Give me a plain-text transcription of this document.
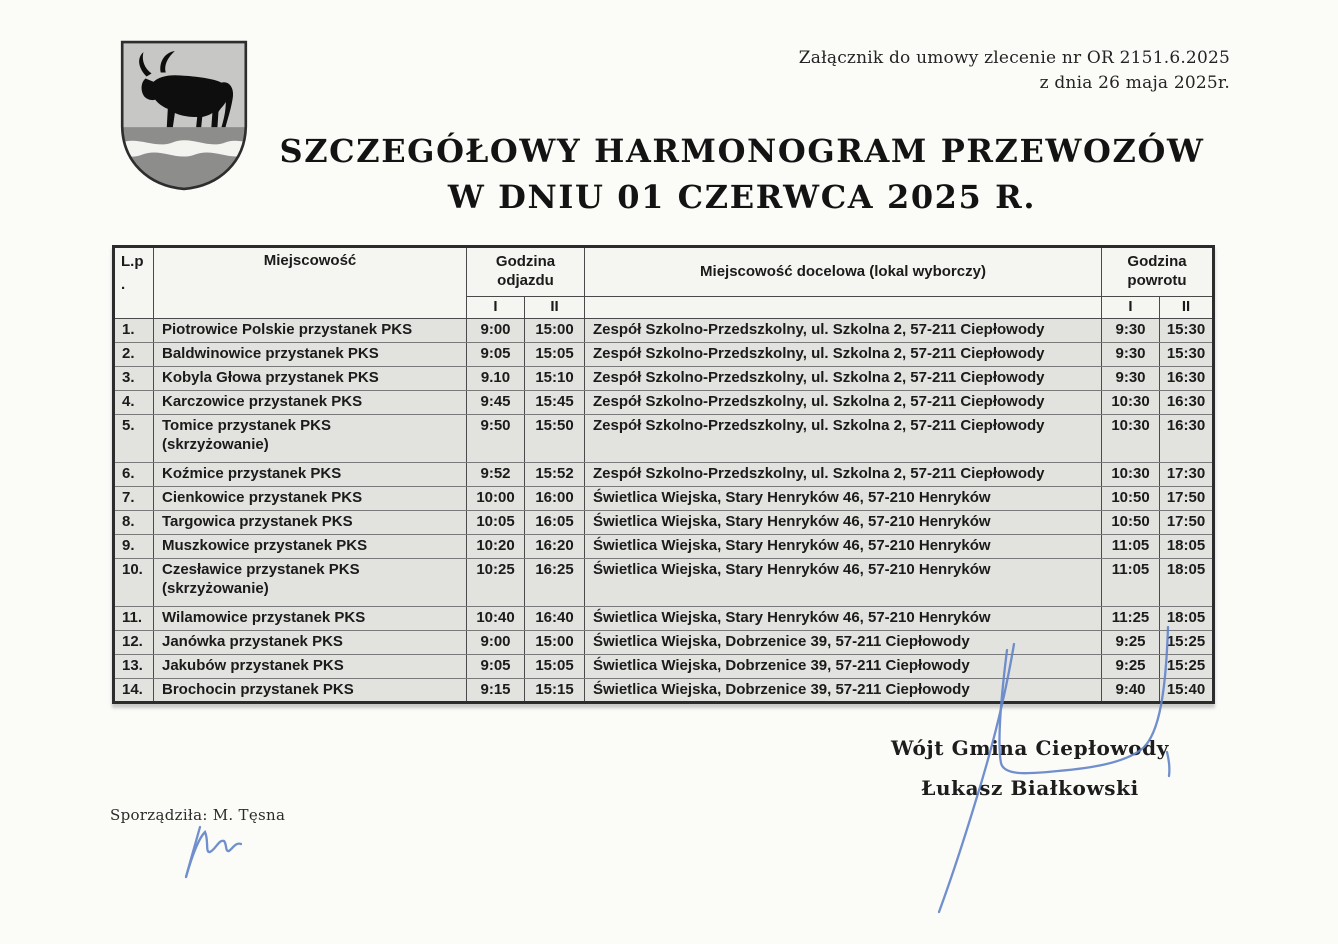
Załącznik do umowy zlecenie nr OR 2151.6.2025
z dnia 26 maja 2025r.
SZCZEGÓŁOWY HARMONOGRAM PRZEWOZÓW
W DNIU 01 CZERWCA 2025 R.
L.p
.	Miejscowość	Godzina odjazdu		Miejscowość docelowa (lokal wyborczy)	Godzina powrotu	
		I	II		I	II
1.	Piotrowice Polskie przystanek PKS	9:00	15:00	Zespół Szkolno-Przedszkolny, ul. Szkolna 2, 57-211 Ciepłowody	9:30	15:30
2.	Baldwinowice przystanek PKS	9:05	15:05	Zespół Szkolno-Przedszkolny, ul. Szkolna 2, 57-211 Ciepłowody	9:30	15:30
3.	Kobyla Głowa przystanek PKS	9.10	15:10	Zespół Szkolno-Przedszkolny, ul. Szkolna 2, 57-211 Ciepłowody	9:30	16:30
4.	Karczowice przystanek PKS	9:45	15:45	Zespół Szkolno-Przedszkolny, ul. Szkolna 2, 57-211 Ciepłowody	10:30	16:30
5.	Tomice przystanek PKS
(skrzyżowanie)	9:50	15:50	Zespół Szkolno-Przedszkolny, ul. Szkolna 2, 57-211 Ciepłowody	10:30	16:30
6.	Koźmice przystanek PKS	9:52	15:52	Zespół Szkolno-Przedszkolny, ul. Szkolna 2, 57-211 Ciepłowody	10:30	17:30
7.	Cienkowice przystanek PKS	10:00	16:00	Świetlica Wiejska, Stary Henryków 46, 57-210 Henryków	10:50	17:50
8.	Targowica przystanek PKS	10:05	16:05	Świetlica Wiejska, Stary Henryków 46, 57-210 Henryków	10:50	17:50
9.	Muszkowice przystanek PKS	10:20	16:20	Świetlica Wiejska, Stary Henryków 46, 57-210 Henryków	11:05	18:05
10.	Czesławice przystanek PKS
(skrzyżowanie)	10:25	16:25	Świetlica Wiejska, Stary Henryków 46, 57-210 Henryków	11:05	18:05
11.	Wilamowice przystanek PKS	10:40	16:40	Świetlica Wiejska, Stary Henryków 46, 57-210 Henryków	11:25	18:05
12.	Janówka przystanek PKS	9:00	15:00	Świetlica Wiejska, Dobrzenice 39, 57-211 Ciepłowody	9:25	15:25
13.	Jakubów przystanek PKS	9:05	15:05	Świetlica Wiejska, Dobrzenice 39, 57-211 Ciepłowody	9:25	15:25
14.	Brochocin przystanek PKS	9:15	15:15	Świetlica Wiejska, Dobrzenice 39, 57-211 Ciepłowody	9:40	15:40
Wójt Gmina Ciepłowody
Łukasz Białkowski
Sporządziła: M. Tęsna
